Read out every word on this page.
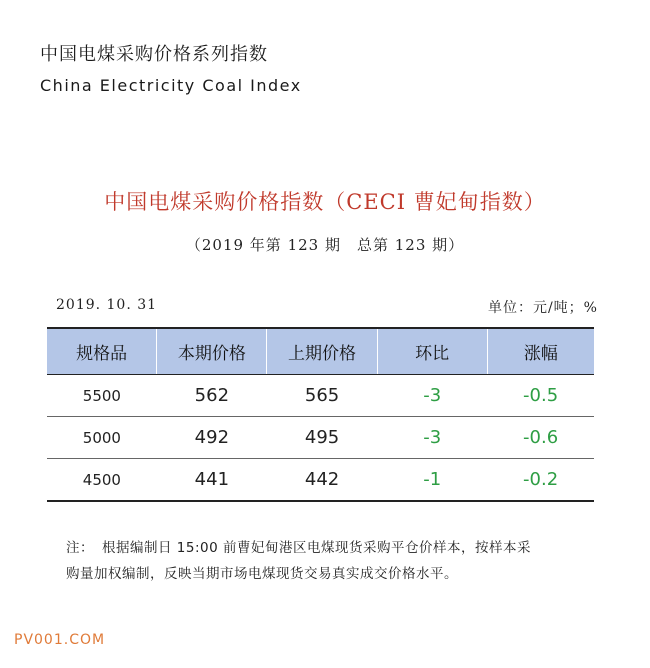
中国电煤采购价格系列指数
China Electricity Coal Index
中国电煤采购价格指数（CECI 曹妃甸指数）
（2019 年第 123 期　总第 123 期）
2019. 10. 31	单位：元/吨；%
规格品	本期价格	上期价格	环比	涨幅
5500	562	565	-3	-0.5
5000	492	495	-3	-0.6
4500	441	442	-1	-0.2
注： 根据编制日 15:00 前曹妃甸港区电煤现货采购平仓价样本，按样本采
购量加权编制，反映当期市场电煤现货交易真实成交价格水平。
PV001.COM
